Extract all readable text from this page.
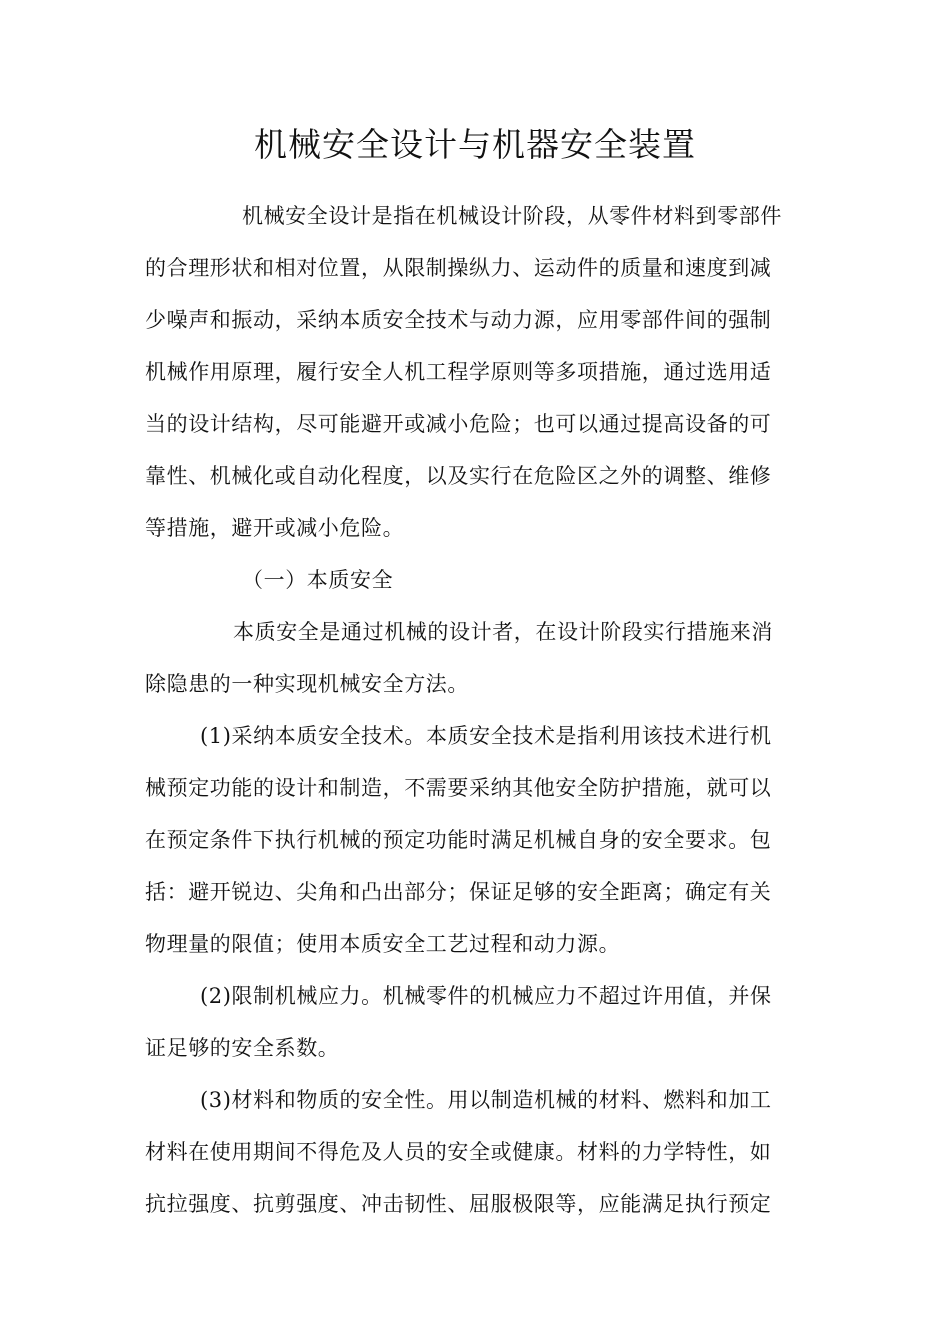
机械安全设计与机器安全装置
机械安全设计是指在机械设计阶段，从零件材料到零部件
的合理形状和相对位置，从限制操纵力、运动件的质量和速度到减
少噪声和振动，采纳本质安全技术与动力源，应用零部件间的强制
机械作用原理，履行安全人机工程学原则等多项措施，通过选用适
当的设计结构，尽可能避开或减小危险；也可以通过提高设备的可
靠性、机械化或自动化程度，以及实行在危险区之外的调整、维修
等措施，避开或减小危险。
（一）本质安全
本质安全是通过机械的设计者，在设计阶段实行措施来消
除隐患的一种实现机械安全方法。
(1)采纳本质安全技术。本质安全技术是指利用该技术进行机
械预定功能的设计和制造，不需要采纳其他安全防护措施，就可以
在预定条件下执行机械的预定功能时满足机械自身的安全要求。包
括：避开锐边、尖角和凸出部分；保证足够的安全距离；确定有关
物理量的限值；使用本质安全工艺过程和动力源。
(2)限制机械应力。机械零件的机械应力不超过许用值，并保
证足够的安全系数。
(3)材料和物质的安全性。用以制造机械的材料、燃料和加工
材料在使用期间不得危及人员的安全或健康。材料的力学特性，如
抗拉强度、抗剪强度、冲击韧性、屈服极限等，应能满足执行预定
